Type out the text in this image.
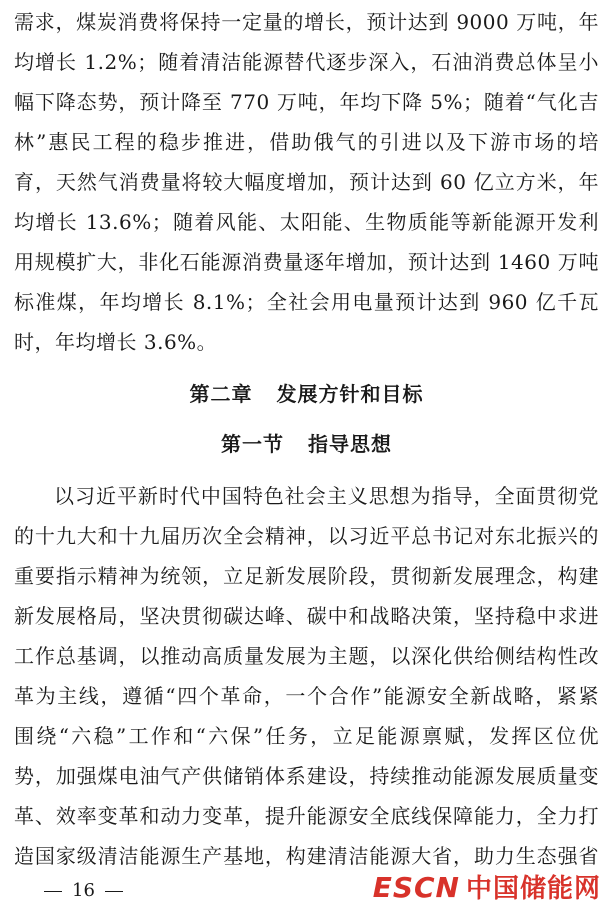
需求，煤炭消费将保持一定量的增长，预计达到 9000 万吨，年
均增长 1.2%；随着清洁能源替代逐步深入，石油消费总体呈小
幅下降态势，预计降至 770 万吨，年均下降 5%；随着“气化吉
林”惠民工程的稳步推进，借助俄气的引进以及下游市场的培
育，天然气消费量将较大幅度增加，预计达到 60 亿立方米，年
均增长 13.6%；随着风能、太阳能、生物质能等新能源开发利
用规模扩大，非化石能源消费量逐年增加，预计达到 1460 万吨
标准煤，年均增长 8.1%；全社会用电量预计达到 960 亿千瓦
时，年均增长 3.6%。
第二章 发展方针和目标
第一节 指导思想
以习近平新时代中国特色社会主义思想为指导，全面贯彻党
的十九大和十九届历次全会精神，以习近平总书记对东北振兴的
重要指示精神为统领，立足新发展阶段，贯彻新发展理念，构建
新发展格局，坚决贯彻碳达峰、碳中和战略决策，坚持稳中求进
工作总基调，以推动高质量发展为主题，以深化供给侧结构性改
革为主线，遵循“四个革命，一个合作”能源安全新战略，紧紧
围绕“六稳”工作和“六保”任务，立足能源禀赋，发挥区位优
势，加强煤电油气产供储销体系建设，持续推动能源发展质量变
革、效率变革和动力变革，提升能源安全底线保障能力，全力打
造国家级清洁能源生产基地，构建清洁能源大省，助力生态强省
16	ESCN 中国储能网
